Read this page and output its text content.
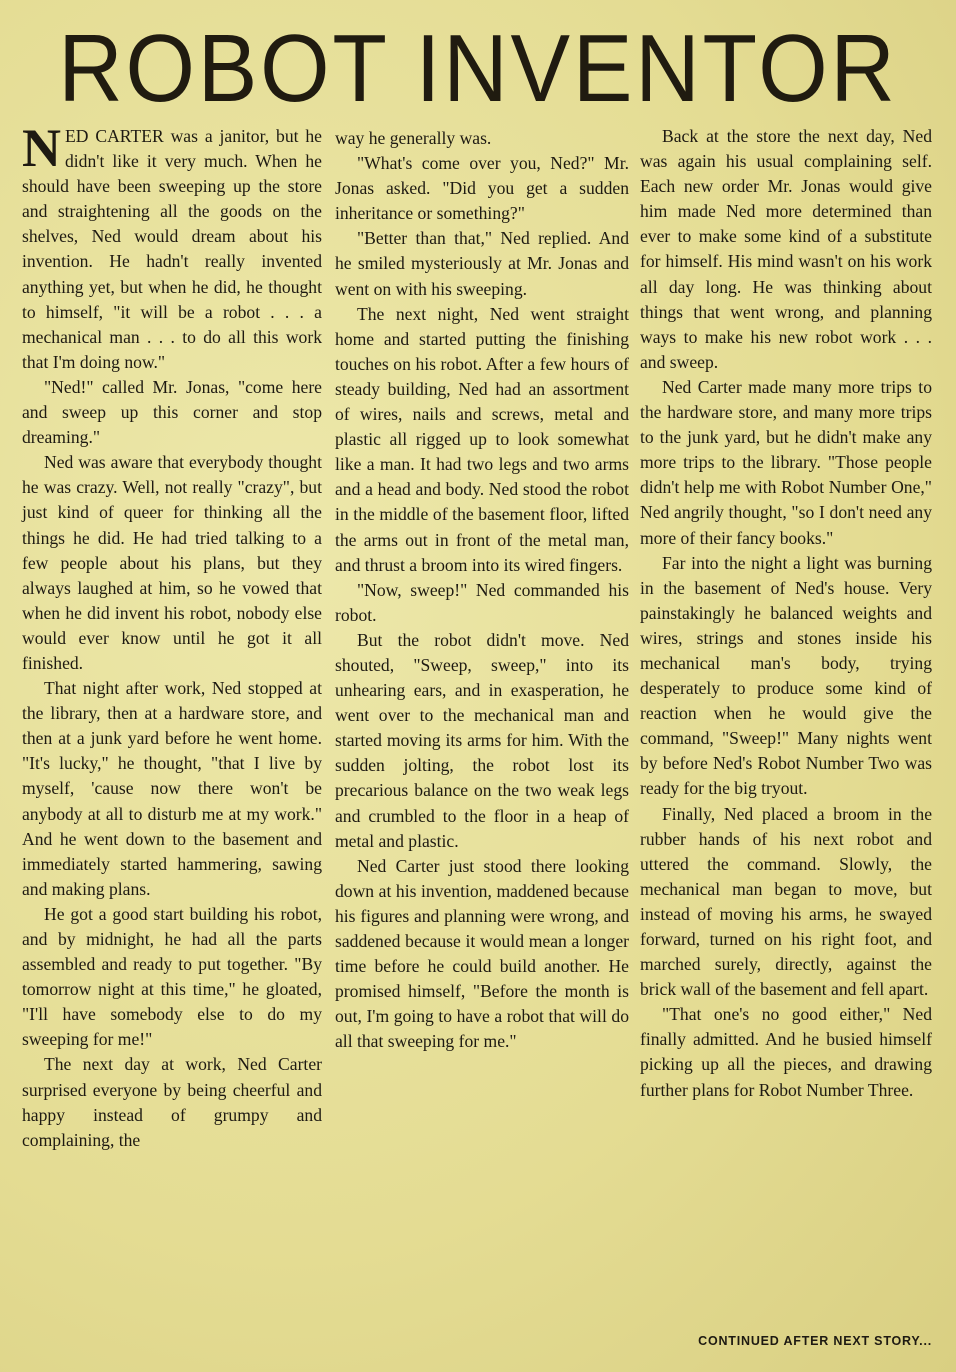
ROBOT INVENTOR

NED CARTER was a janitor, but he didn't like it very much. When he should have been sweeping up the store and straightening all the goods on the shelves, Ned would dream about his invention. He hadn't really invented anything yet, but when he did, he thought to himself, "it will be a robot . . . a mechanical man . . . to do all this work that I'm doing now."

"Ned!" called Mr. Jonas, "come here and sweep up this corner and stop dreaming."

Ned was aware that everybody thought he was crazy. Well, not really "crazy", but just kind of queer for thinking all the things he did. He had tried talking to a few people about his plans, but they always laughed at him, so he vowed that when he did invent his robot, nobody else would ever know until he got it all finished.

That night after work, Ned stopped at the library, then at a hardware store, and then at a junk yard before he went home. "It's lucky," he thought, "that I live by myself, 'cause now there won't be anybody at all to disturb me at my work." And he went down to the basement and immediately started hammering, sawing and making plans.

He got a good start building his robot, and by midnight, he had all the parts assembled and ready to put together. "By tomorrow night at this time," he gloated, "I'll have somebody else to do my sweeping for me!"

The next day at work, Ned Carter surprised everyone by being cheerful and happy instead of grumpy and complaining, the

way he generally was.

"What's come over you, Ned?" Mr. Jonas asked. "Did you get a sudden inheritance or something?"

"Better than that," Ned replied. And he smiled mysteriously at Mr. Jonas and went on with his sweeping.

The next night, Ned went straight home and started putting the finishing touches on his robot. After a few hours of steady building, Ned had an assortment of wires, nails and screws, metal and plastic all rigged up to look somewhat like a man. It had two legs and two arms and a head and body. Ned stood the robot in the middle of the basement floor, lifted the arms out in front of the metal man, and thrust a broom into its wired fingers.

"Now, sweep!" Ned commanded his robot.

But the robot didn't move. Ned shouted, "Sweep, sweep," into its unhearing ears, and in exasperation, he went over to the mechanical man and started moving its arms for him. With the sudden jolting, the robot lost its precarious balance on the two weak legs and crumbled to the floor in a heap of metal and plastic.

Ned Carter just stood there looking down at his invention, maddened because his figures and planning were wrong, and saddened because it would mean a longer time before he could build another. He promised himself, "Before the month is out, I'm going to have a robot that will do all that sweeping for me."

Back at the store the next day, Ned was again his usual complaining self. Each new order Mr. Jonas would give him made Ned more determined than ever to make some kind of a substitute for himself. His mind wasn't on his work all day long. He was thinking about things that went wrong, and planning ways to make his new robot work . . . and sweep.

Ned Carter made many more trips to the hardware store, and many more trips to the junk yard, but he didn't make any more trips to the library. "Those people didn't help me with Robot Number One," Ned angrily thought, "so I don't need any more of their fancy books."

Far into the night a light was burning in the basement of Ned's house. Very painstakingly he balanced weights and wires, strings and stones inside his mechanical man's body, trying desperately to produce some kind of reaction when he would give the command, "Sweep!" Many nights went by before Ned's Robot Number Two was ready for the big tryout.

Finally, Ned placed a broom in the rubber hands of his next robot and uttered the command. Slowly, the mechanical man began to move, but instead of moving his arms, he swayed forward, turned on his right foot, and marched surely, directly, against the brick wall of the basement and fell apart.

"That one's no good either," Ned finally admitted. And he busied himself picking up all the pieces, and drawing further plans for Robot Number Three.

CONTINUED AFTER NEXT STORY...
